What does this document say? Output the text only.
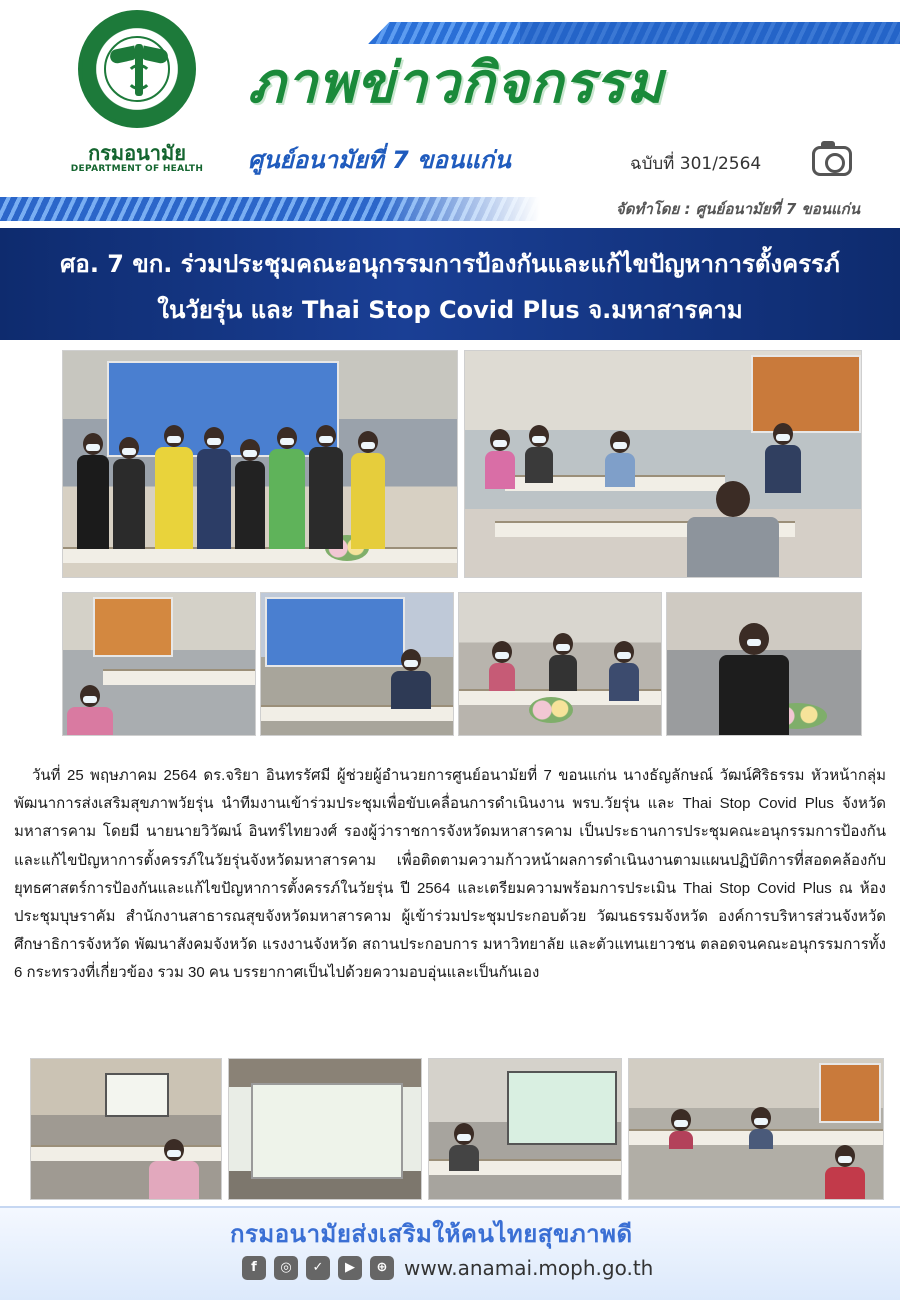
กรมอนามัย
DEPARTMENT OF HEALTH
ภาพข่าวกิจกรรม
ศูนย์อนามัยที่ 7 ขอนแก่น	ฉบับที่ 301/2564
จัดทำโดย : ศูนย์อนามัยที่ 7 ขอนแก่น
ศอ. 7 ขก. ร่วมประชุมคณะอนุกรรมการป้องกันและแก้ไขปัญหาการตั้งครรภ์
ในวัยรุ่น และ Thai Stop Covid Plus จ.มหาสารคาม
วันที่ 25 พฤษภาคม 2564 ดร.จริยา อินทรรัศมี ผู้ช่วยผู้อำนวยการศูนย์อนามัยที่ 7 ขอนแก่น นางธัญลักษณ์ วัฒน์ศิริธรรม หัวหน้ากลุ่มพัฒนาการส่งเสริมสุขภาพวัยรุ่น นำทีมงานเข้าร่วมประชุมเพื่อขับเคลื่อนการดำเนินงาน พรบ.วัยรุ่น และ Thai Stop Covid Plus จังหวัดมหาสารคาม โดยมี นายนายวิวัฒน์ อินทร์ไทยวงศ์ รองผู้ว่าราชการจังหวัดมหาสารคาม เป็นประธานการประชุมคณะอนุกรรมการป้องกันและแก้ไขปัญหาการตั้งครรภ์ในวัยรุ่นจังหวัดมหาสารคาม เพื่อติดตามความก้าวหน้าผลการดำเนินงานตามแผนปฏิบัติการที่สอดคล้องกับยุทธศาสตร์การป้องกันและแก้ไขปัญหาการตั้งครรภ์ในวัยรุ่น ปี 2564 และเตรียมความพร้อมการประเมิน Thai Stop Covid Plus ณ ห้องประชุมบุษราคัม สำนักงานสาธารณสุขจังหวัดมหาสารคาม ผู้เข้าร่วมประชุมประกอบด้วย วัฒนธรรมจังหวัด องค์การบริหารส่วนจังหวัด ศึกษาธิการจังหวัด พัฒนาสังคมจังหวัด แรงงานจังหวัด สถานประกอบการ มหาวิทยาลัย และตัวแทนเยาวชน ตลอดจนคณะอนุกรรมการทั้ง 6 กระทรวงที่เกี่ยวข้อง รวม 30 คน บรรยากาศเป็นไปด้วยความอบอุ่นและเป็นกันเอง
กรมอนามัยส่งเสริมให้คนไทยสุขภาพดี
f	◎	✓	▶	⊕ www.anamai.moph.go.th
